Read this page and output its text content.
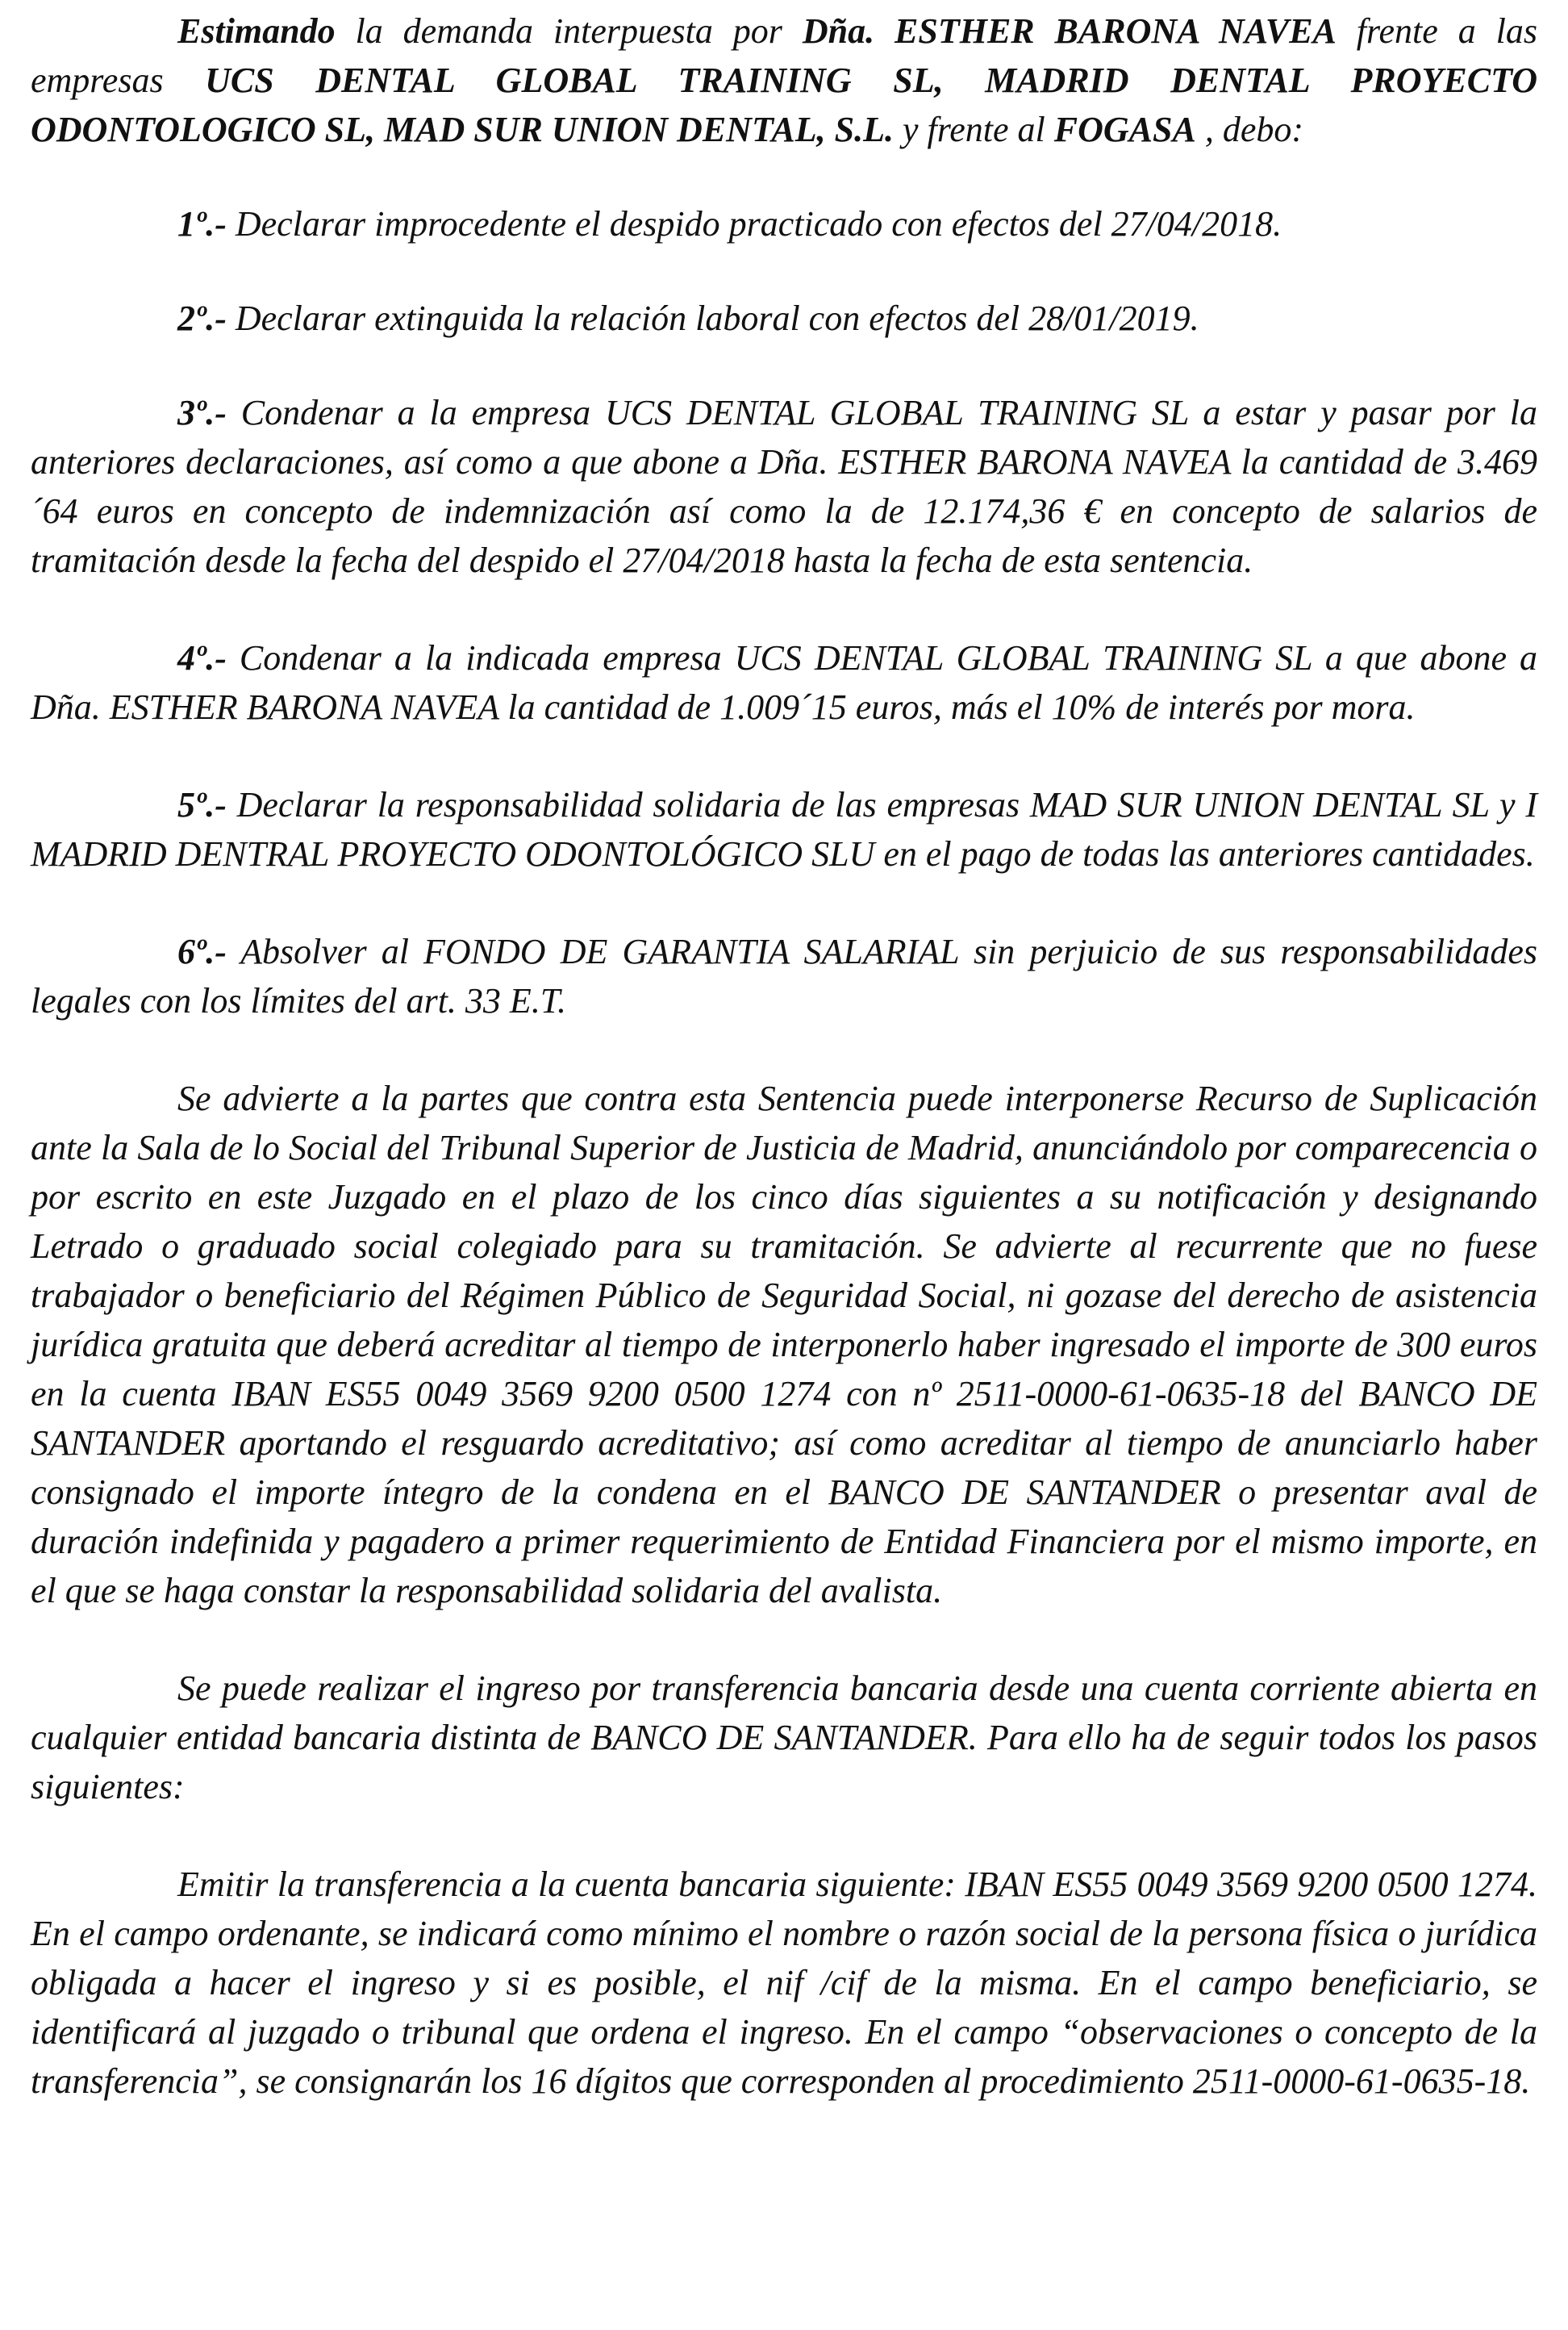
Estimando la demanda interpuesta por Dña. ESTHER BARONA NAVEA frente a las empresas UCS DENTAL GLOBAL TRAINING SL, MADRID DENTAL PROYECTO ODONTOLOGICO SL, MAD SUR UNION DENTAL, S.L. y frente al FOGASA , debo:

1º.- Declarar improcedente el despido practicado con efectos del 27/04/2018.

2º.- Declarar extinguida la relación laboral con efectos del 28/01/2019.

3º.- Condenar a la empresa UCS DENTAL GLOBAL TRAINING SL a estar y pasar por la anteriores declaraciones, así como a que abone a Dña. ESTHER BARONA NAVEA la cantidad de 3.469´64 euros en concepto de indemnización así como la de 12.174,36 € en concepto de salarios de tramitación desde la fecha del despido el 27/04/2018 hasta la fecha de esta sentencia.

4º.- Condenar a la indicada empresa UCS DENTAL GLOBAL TRAINING SL a que abone a Dña. ESTHER BARONA NAVEA la cantidad de 1.009´15 euros, más el 10% de interés por mora.

5º.- Declarar la responsabilidad solidaria de las empresas MAD SUR UNION DENTAL SL y I MADRID DENTRAL PROYECTO ODONTOLÓGICO SLU en el pago de todas las anteriores cantidades.

6º.- Absolver al FONDO DE GARANTIA SALARIAL sin perjuicio de sus responsabilidades legales con los límites del art. 33 E.T.

Se advierte a la partes que contra esta Sentencia puede interponerse Recurso de Suplicación ante la Sala de lo Social del Tribunal Superior de Justicia de Madrid, anunciándolo por comparecencia o por escrito en este Juzgado en el plazo de los cinco días siguientes a su notificación y designando Letrado o graduado social colegiado para su tramitación. Se advierte al recurrente que no fuese trabajador o beneficiario del Régimen Público de Seguridad Social, ni gozase del derecho de asistencia jurídica gratuita que deberá acreditar al tiempo de interponerlo haber ingresado el importe de 300 euros en la cuenta IBAN ES55 0049 3569 9200 0500 1274 con nº 2511-0000-61-0635-18 del BANCO DE SANTANDER aportando el resguardo acreditativo; así como acreditar al tiempo de anunciarlo haber consignado el importe íntegro de la condena en el BANCO DE SANTANDER o presentar aval de duración indefinida y pagadero a primer requerimiento de Entidad Financiera por el mismo importe, en el que se haga constar la responsabilidad solidaria del avalista.

Se puede realizar el ingreso por transferencia bancaria desde una cuenta corriente abierta en cualquier entidad bancaria distinta de BANCO DE SANTANDER. Para ello ha de seguir todos los pasos siguientes:

Emitir la transferencia a la cuenta bancaria siguiente: IBAN ES55 0049 3569 9200 0500 1274. En el campo ordenante, se indicará como mínimo el nombre o razón social de la persona física o jurídica obligada a hacer el ingreso y si es posible, el nif /cif de la misma. En el campo beneficiario, se identificará al juzgado o tribunal que ordena el ingreso. En el campo “observaciones o concepto de la transferencia”, se consignarán los 16 dígitos que corresponden al procedimiento 2511-0000-61-0635-18.
